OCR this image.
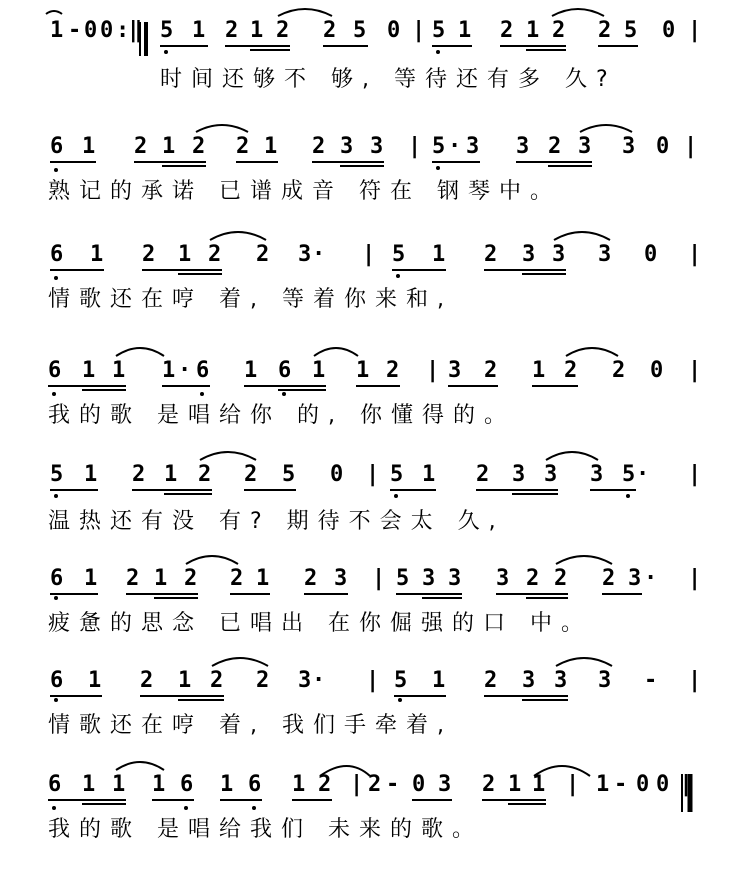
1 - 0 0 :‖ 5 1 2 1 2 2 5 0 | 5 1 2 1 2 2 5 0 |
时间还够不 够, 等待还有多 久?
6 1 2 1 2 2 1 2 3 3 | 5 · 3 3 2 3 3 0 |
熟记的承诺 已谱成音 符在 钢琴中。
6 1 2 1 2 2 3 · | 5 1 2 3 3 3 0 |
情歌还在哼 着, 等着你来和,
6 1 1 1 · 6 1 6 1 1 2 | 3 2 1 2 2 0 |
我的歌 是唱给你 的, 你懂得的。
5 1 2 1 2 2 5 0 | 5 1 2 3 3 3 5 · |
温热还有没 有? 期待不会太 久,
6 1 2 1 2 2 1 2 3 | 5 3 3 3 2 2 2 3 · |
疲惫的思念 已唱出 在你倔强的口 中。
6 1 2 1 2 2 3 · | 5 1 2 3 3 3 - |
情歌还在哼 着, 我们手牵着,
6 1 1 1 6 1 6 1 2 | 2 - 0 3 2 1 1 | 1 - 0 0 ‖
我的歌 是唱给我们 未来的歌。
